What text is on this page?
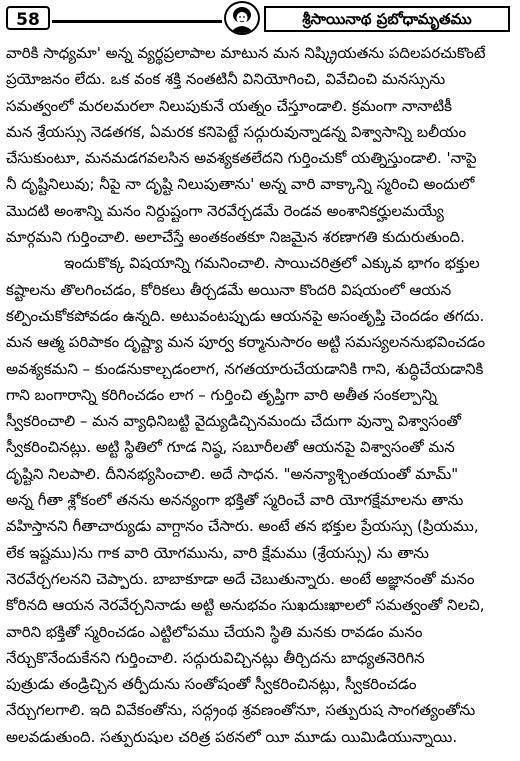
58	శ్రీసాయినాథ ప్రబోధామృతము
వారికి సాధ్యమా' అన్న వ్యర్థప్రలాపాల మాటున మన నిష్క్రియతను పదిలపరచుకొంటే
ప్రయోజనం లేదు. ఒక వంక శక్తి నంతటినీ వినియోగించి, వివేచించి మనస్సును
సమత్వంలో మరలమరలా నిలుపుకునే యత్నం చేస్తూండాలి. క్రమంగా నానాటికీ
మన శ్రేయస్సు నెడతగక, ఏమరక కనిపెట్టే సద్గురువున్నాడన్న విశ్వాసాన్ని బలీయం
చేసుకుంటూ, మనమడగవలసిన అవశ్యకతలేదని గుర్తించుకో యత్నిస్తుండాలి. 'నాపై
నీ దృష్టినిలువు; నీపై నా దృష్టి నిలుపుతాను' అన్న వారి వాక్కాన్ని స్మరించి అందులో
మొదటి అంశాన్ని మనం నిర్దుష్టంగా నెరవేర్చడమే రెండవ అంశానికర్హులమయ్యే
మార్గమని గుర్తించాలి. అలాచేస్తే అంతకంతకూ నిజమైన శరణాగతి కుదురుతుంది.
ఇందుకొక్క విషయాన్ని గమనించాలి. సాయిచరిత్రలో ఎక్కువ భాగం భక్తుల
కష్టాలను తొలగించడం, కోరికలు తీర్చడమే అయినా కొందరి విషయంలో ఆయన
కల్పించుకోకపోవడం ఉన్నది. అటువంటప్పుడు ఆయనపై అసంతృప్తి చెందడం తగదు.
మన ఆత్మ పరిపాకం దృష్ట్యా మన పూర్వ కర్మానుసారం అట్టి సమస్యలననుభవించడం
అవశ్యకమని – కుండనుకాల్చడంలాగ, నగతయారుచేయడానికి గాని, శుద్ధిచేయడానికి
గాని బంగారాన్ని కరిగించడం లాగ – గుర్తించి తృప్తిగా వారి అతీత సంకల్పాన్ని
స్వీకరించాలి – మన వ్యాధినిబట్టి వైద్యుడిచ్చినమందు చేదుగా వున్నా విశ్వాసంతో
స్వీకరించినట్లు. అట్టి స్థితిలో గూడ నిష్ఠ, సబూరీలతో ఆయనపై విశ్వాసంతో మన
దృష్టిని నిలపాలి. దీనినభ్యసించాలి. అదే సాధన. "అనన్యాశ్చింతయంతో మామ్"
అన్న గీతా శ్లోకంలో తనను అనన్యంగా భక్తితో స్మరించే వారి యోగక్షేమాలను తాను
వహిస్తానని గీతాచార్యుడు వాగ్దానం చేసారు. అంటే తన భక్తుల ప్రేయస్సు (ప్రియము,
లేక ఇష్టము)ను గాక వారి యోగమును, వారి క్షేమము (శ్రేయస్సు) ను తాను
నెరవేర్చగలనని చెప్పారు. బాబాకూడా అదే చెబుతున్నారు. అంటే అజ్ఞానంతో మనం
కోరినది ఆయన నెరవేర్చనినాడు అట్టి అనుభవం సుఖదుఃఖాలలో సమత్వంతో నిలచి,
వారిని భక్తితో స్మరించడం ఎట్టిలోపము చేయని స్థితి మనకు రావడం మనం
నేర్చుకొనేందుకేనని గుర్తించాలి. సద్గురువిచ్చినట్లు తీర్చిదను బాధ్యతనెరిగిన
పుత్రుడు తండ్రిచ్చిన తర్పీదును సంతోషంతో స్వీకరించినట్లు, స్వీకరించడం
నేర్చుగలగాలి. ఇది వివేకంతోను, సద్గ్రంథ శ్రవణంతోనూ, సత్పురుష సాంగత్యంతోను
అలవడుతుంది. సత్పురుషుల చరిత్ర పఠనలో యీ మూడు యిమిడియున్నాయి.
